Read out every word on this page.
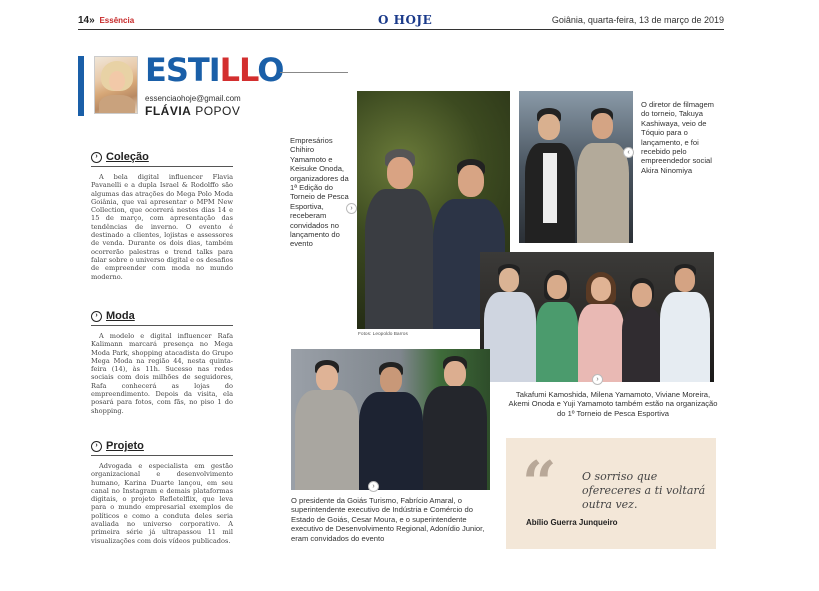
14» Essência	O HOJE	Goiânia, quarta-feira, 13 de março de 2019
ESTILLO
essenciaohoje@gmail.com
FLÁVIA POPOV
› Coleção

A bela digital influencer Flavia Pavanelli e a dupla Israel & Rodolffo são algumas das atrações do Mega Polo Moda Goiânia, que vai apresentar o MPM New Collection, que ocorrerá nestes dias 14 e 15 de março, com apresentação das tendências de inverno. O evento é destinado a clientes, lojistas e assessores de venda. Durante os dois dias, também ocorrerão palestras e trend talks para falar sobre o universo digital e os desafios de empreender com moda no mundo moderno.

› Moda

A modelo e digital influencer Rafa Kalimann marcará presença no Mega Moda Park, shopping atacadista do Grupo Mega Moda na região 44, nesta quinta-feira (14), às 11h. Sucesso nas redes sociais com dois milhões de seguidores, Rafa conhecerá as lojas do empreendimento. Depois da visita, ela posará para fotos, com fãs, no piso 1 do shopping.

› Projeto

Advogada e especialista em gestão organizacional e desenvolvimento humano, Karina Duarte lançou, em seu canal no Instagram e demais plataformas digitais, o projeto Refletelflix, que leva para o mundo empresarial exemplos de políticos e como a conduta deles seria avaliada no universo corporativo. A primeira série já ultrapassou 11 mil visualizações com dois vídeos publicados.

Empresários Chihiro Yamamoto e Keisuke Onoda, organizadores da 1ª Edição do Torneio de Pesca Esportiva, receberam convidados no lançamento do evento
›
Fotos: Leopoldo Barros
‹
O diretor de filmagem do torneio, Takuya Kashiwaya, veio de Tóquio para o lançamento, e foi recebido pelo empreendedor social Akira Ninomiya
›
Takafumi Kamoshida, Milena Yamamoto, Viviane Moreira, Akemi Onoda e Yuji Yamamoto também estão na organização do 1º Torneio de Pesca Esportiva
›
O presidente da Goiás Turismo, Fabrício Amaral, o superintendente executivo de Indústria e Comércio do Estado de Goiás, Cesar Moura, e o superintendente executivo de Desenvolvimento Regional, Adonídio Junior, eram convidados do evento
“ O sorriso que ofereceres a ti voltará outra vez.
Abílio Guerra Junqueiro
